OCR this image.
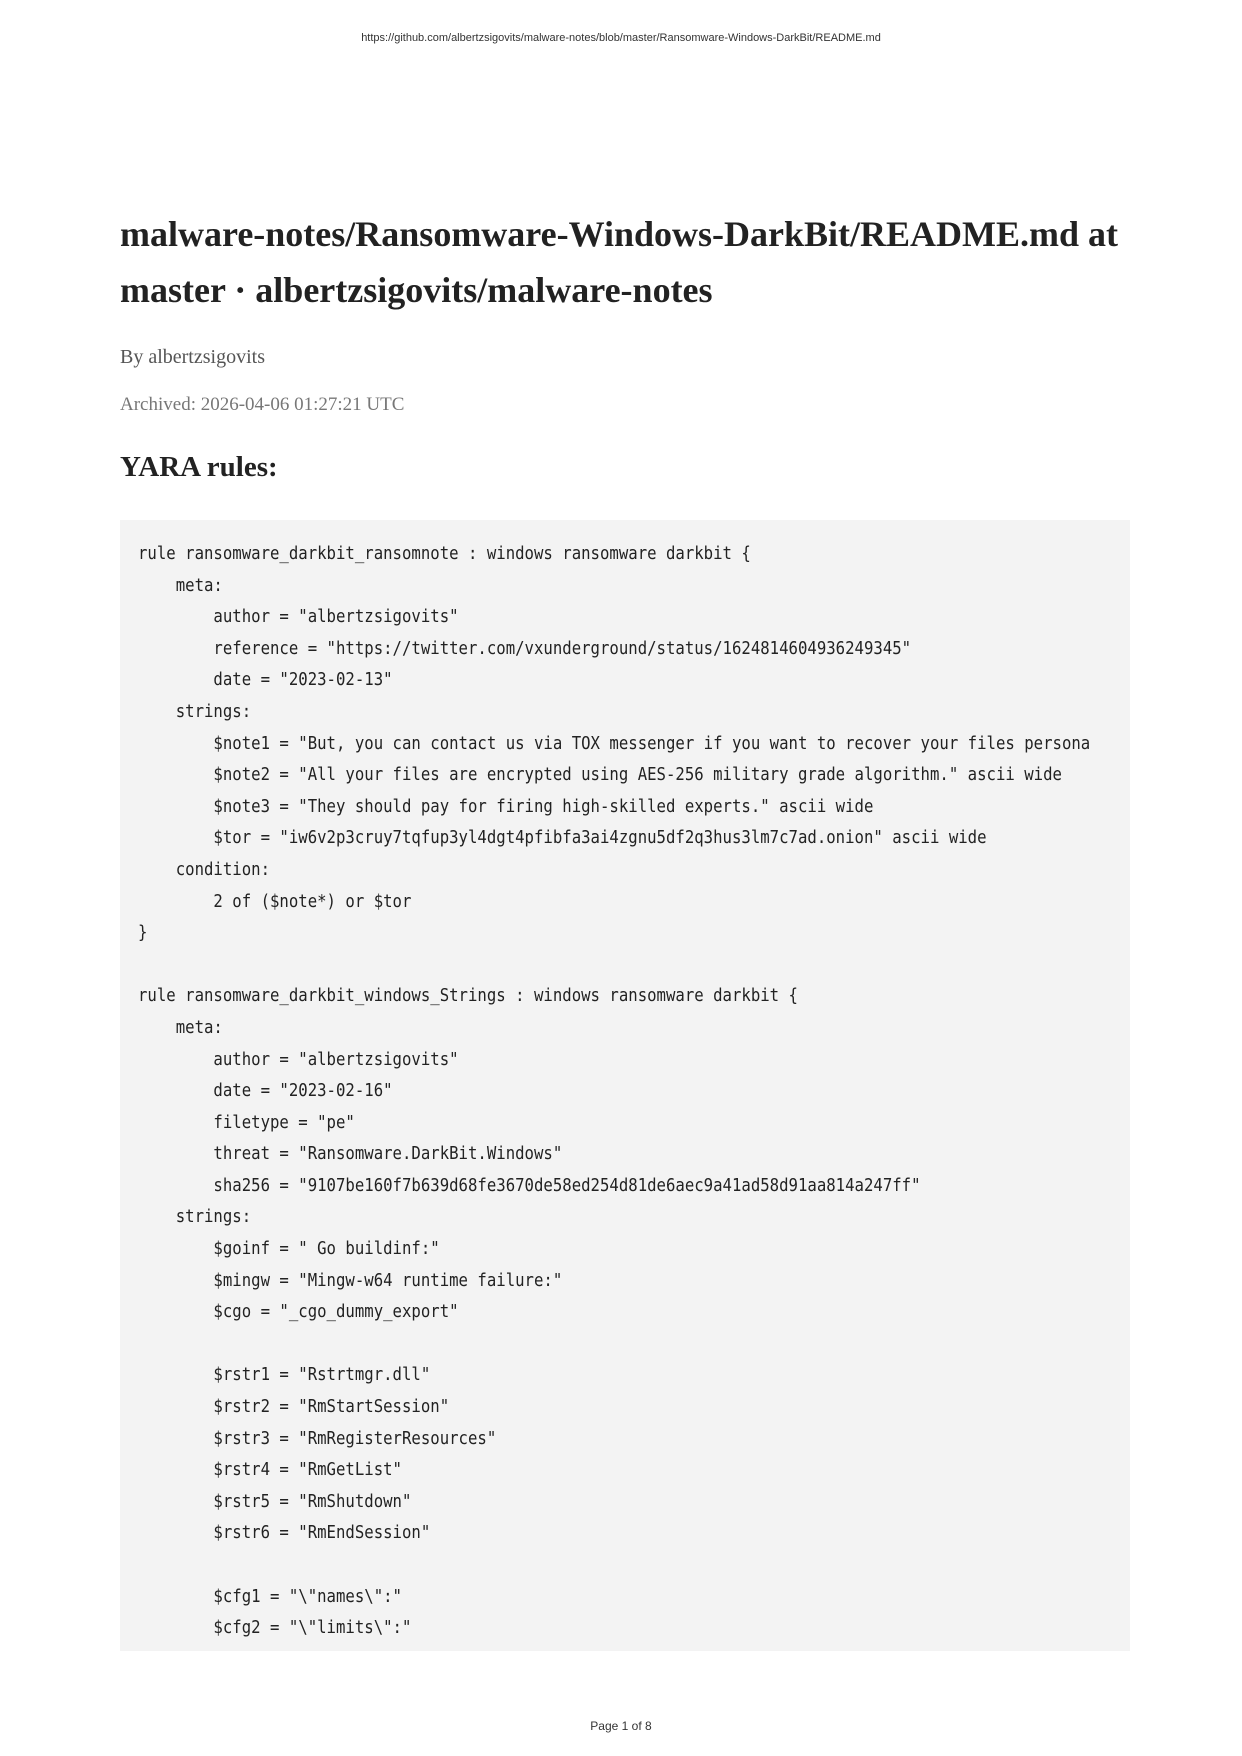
https://github.com/albertzsigovits/malware-notes/blob/master/Ransomware-Windows-DarkBit/README.md
malware-notes/Ransomware-Windows-DarkBit/README.md at master · albertzsigovits/malware-notes
By albertzsigovits
Archived: 2026-04-06 01:27:21 UTC
YARA rules:
rule ransomware_darkbit_ransomnote : windows ransomware darkbit {
meta:
author = "albertzsigovits"
reference = "https://twitter.com/vxunderground/status/1624814604936249345"
date = "2023-02-13"
strings:
$note1 = "But, you can contact us via TOX messenger if you want to recover your files persona
$note2 = "All your files are encrypted using AES-256 military grade algorithm." ascii wide
$note3 = "They should pay for firing high-skilled experts." ascii wide
$tor = "iw6v2p3cruy7tqfup3yl4dgt4pfibfa3ai4zgnu5df2q3hus3lm7c7ad.onion" ascii wide
condition:
2 of ($note*) or $tor
}
rule ransomware_darkbit_windows_Strings : windows ransomware darkbit {
meta:
author = "albertzsigovits"
date = "2023-02-16"
filetype = "pe"
threat = "Ransomware.DarkBit.Windows"
sha256 = "9107be160f7b639d68fe3670de58ed254d81de6aec9a41ad58d91aa814a247ff"
strings:
$goinf = " Go buildinf:"
$mingw = "Mingw-w64 runtime failure:"
$cgo = "_cgo_dummy_export"
$rstr1 = "Rstrtmgr.dll"
$rstr2 = "RmStartSession"
$rstr3 = "RmRegisterResources"
$rstr4 = "RmGetList"
$rstr5 = "RmShutdown"
$rstr6 = "RmEndSession"
$cfg1 = "\"names\":"
$cfg2 = "\"limits\":"
Page 1 of 8
